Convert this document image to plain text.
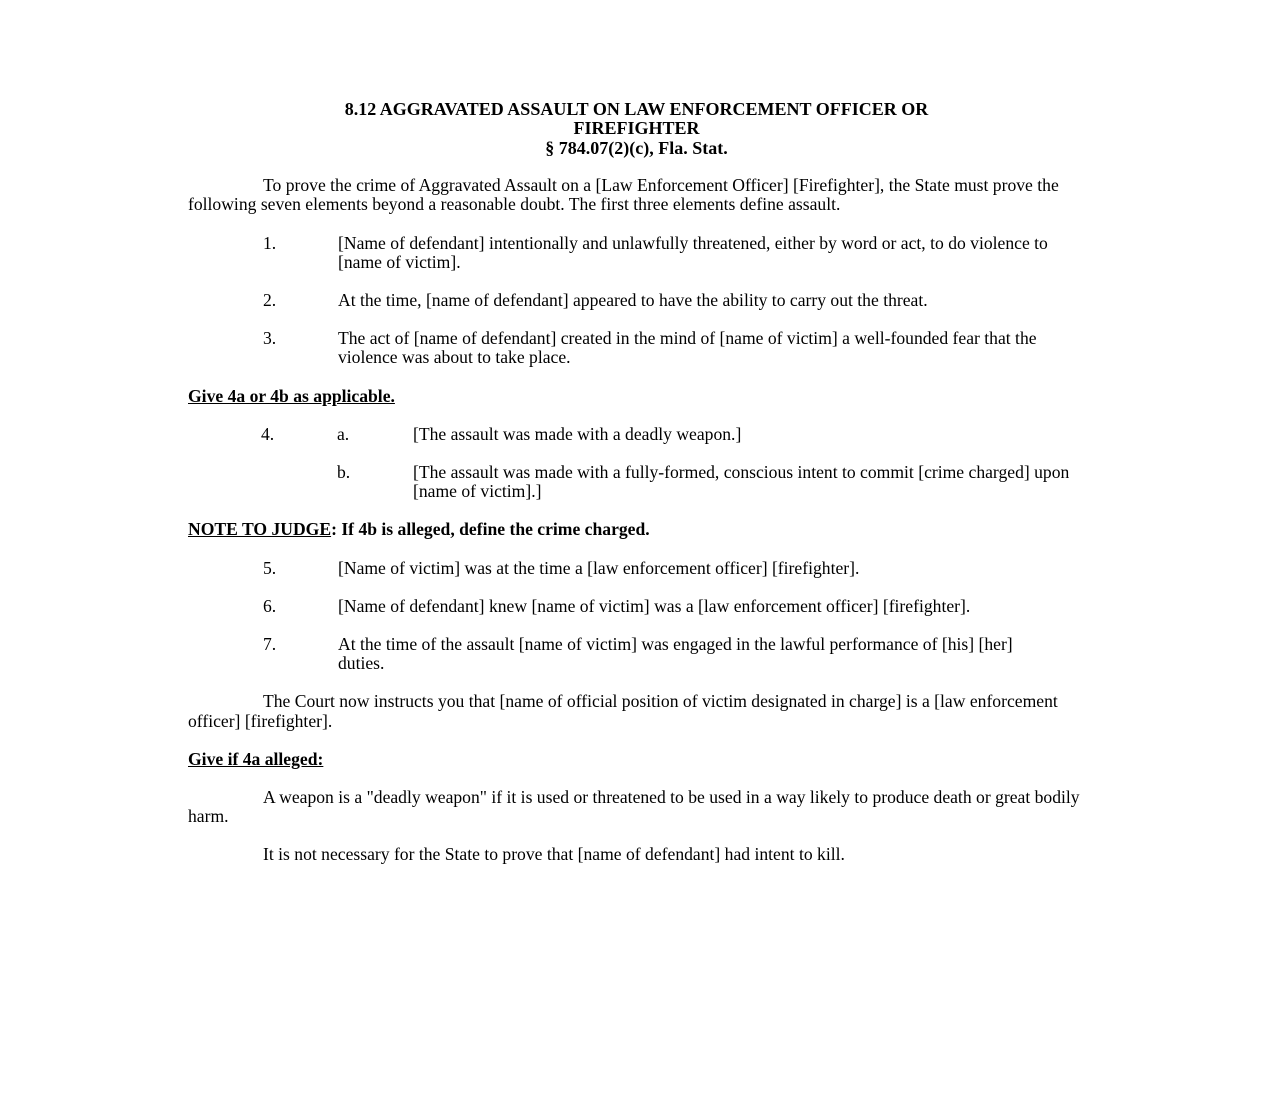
8.12 AGGRAVATED ASSAULT ON LAW ENFORCEMENT OFFICER OR
FIREFIGHTER
§ 784.07(2)(c), Fla. Stat.

To prove the crime of Aggravated Assault on a [Law Enforcement Officer] [Firefighter], the State must prove the following seven elements beyond a reasonable doubt. The first three elements define assault.

1.	[Name of defendant] intentionally and unlawfully threatened, either by word or act, to do violence to [name of victim].

2.	At the time, [name of defendant] appeared to have the ability to carry out the threat.

3.	The act of [name of defendant] created in the mind of [name of victim] a well-founded fear that the violence was about to take place.

Give 4a or 4b as applicable.

4.	a.	[The assault was made with a deadly weapon.]

b.	[The assault was made with a fully-formed, conscious intent to commit [crime charged] upon [name of victim].]

NOTE TO JUDGE: If 4b is alleged, define the crime charged.

5.	[Name of victim] was at the time a [law enforcement officer] [firefighter].

6.	[Name of defendant] knew [name of victim] was a [law enforcement officer] [firefighter].

7.	At the time of the assault [name of victim] was engaged in the lawful performance of [his] [her] duties.

The Court now instructs you that [name of official position of victim designated in charge] is a [law enforcement officer] [firefighter].

Give if 4a alleged:

A weapon is a "deadly weapon" if it is used or threatened to be used in a way likely to produce death or great bodily harm.

It is not necessary for the State to prove that [name of defendant] had intent to kill.
